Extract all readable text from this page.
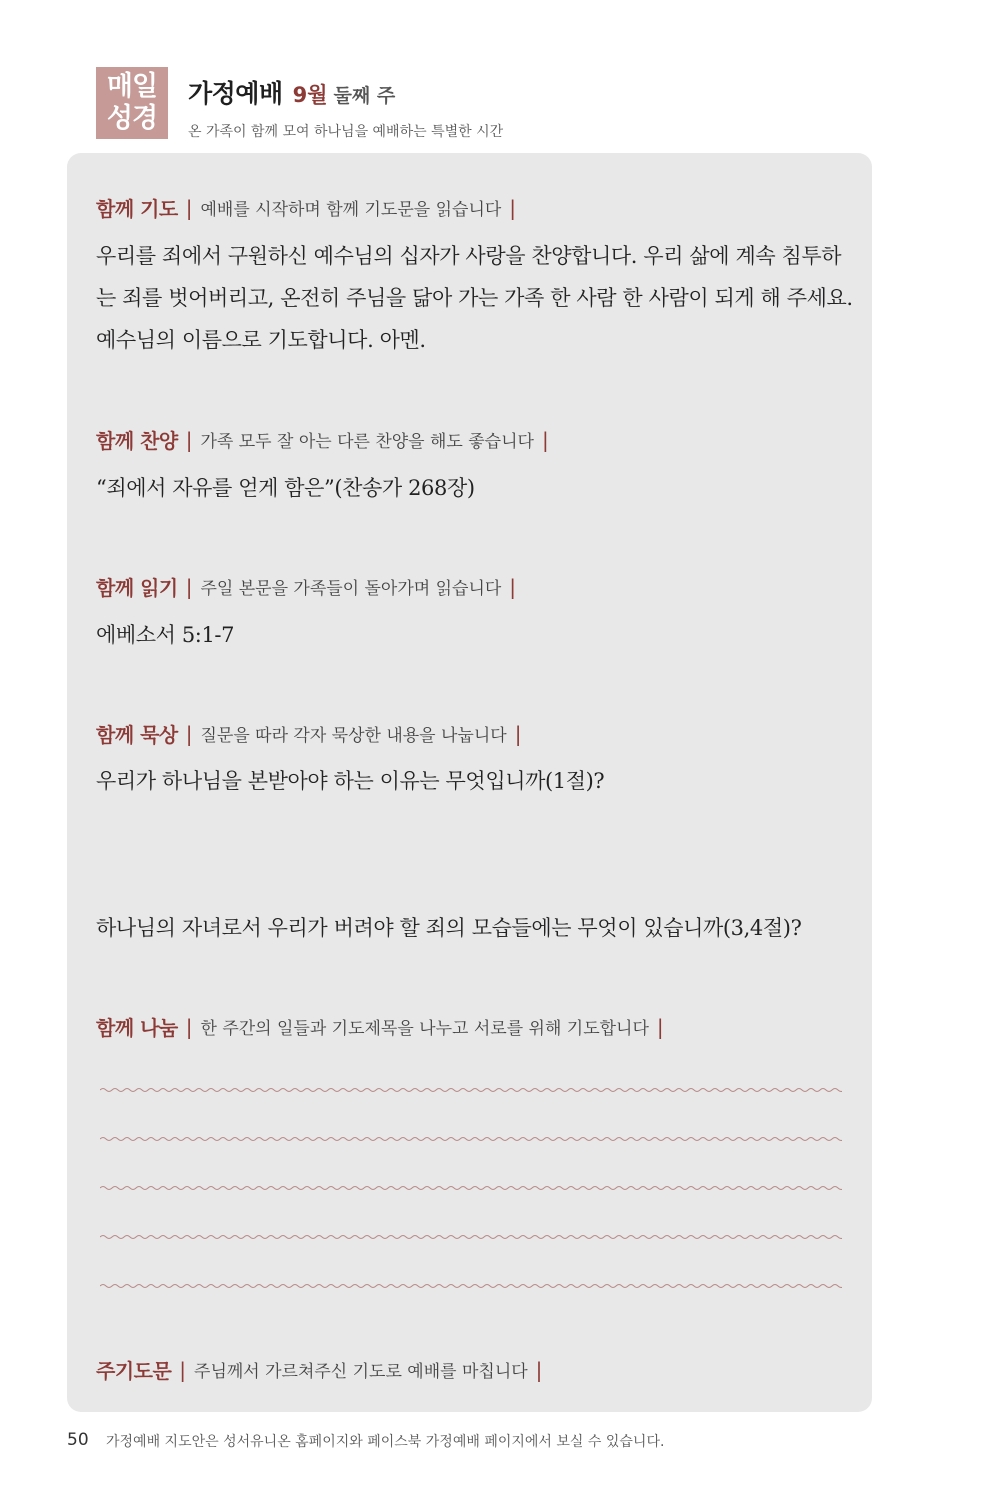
매일
성경
가정예배 9월 둘째 주
온 가족이 함께 모여 하나님을 예배하는 특별한 시간
함께 기도 | 예배를 시작하며 함께 기도문을 읽습니다 |
우리를 죄에서 구원하신 예수님의 십자가 사랑을 찬양합니다. 우리 삶에 계속 침투하는 죄를 벗어버리고, 온전히 주님을 닮아 가는 가족 한 사람 한 사람이 되게 해 주세요. 예수님의 이름으로 기도합니다. 아멘.
함께 찬양 | 가족 모두 잘 아는 다른 찬양을 해도 좋습니다 |
“죄에서 자유를 얻게 함은”(찬송가 268장)
함께 읽기 | 주일 본문을 가족들이 돌아가며 읽습니다 |
에베소서 5:1-7
함께 묵상 | 질문을 따라 각자 묵상한 내용을 나눕니다 |
우리가 하나님을 본받아야 하는 이유는 무엇입니까(1절)?
하나님의 자녀로서 우리가 버려야 할 죄의 모습들에는 무엇이 있습니까(3,4절)?
함께 나눔 | 한 주간의 일들과 기도제목을 나누고 서로를 위해 기도합니다 |
주기도문 | 주님께서 가르쳐주신 기도로 예배를 마칩니다 |
50 가정예배 지도안은 성서유니온 홈페이지와 페이스북 가정예배 페이지에서 보실 수 있습니다.
